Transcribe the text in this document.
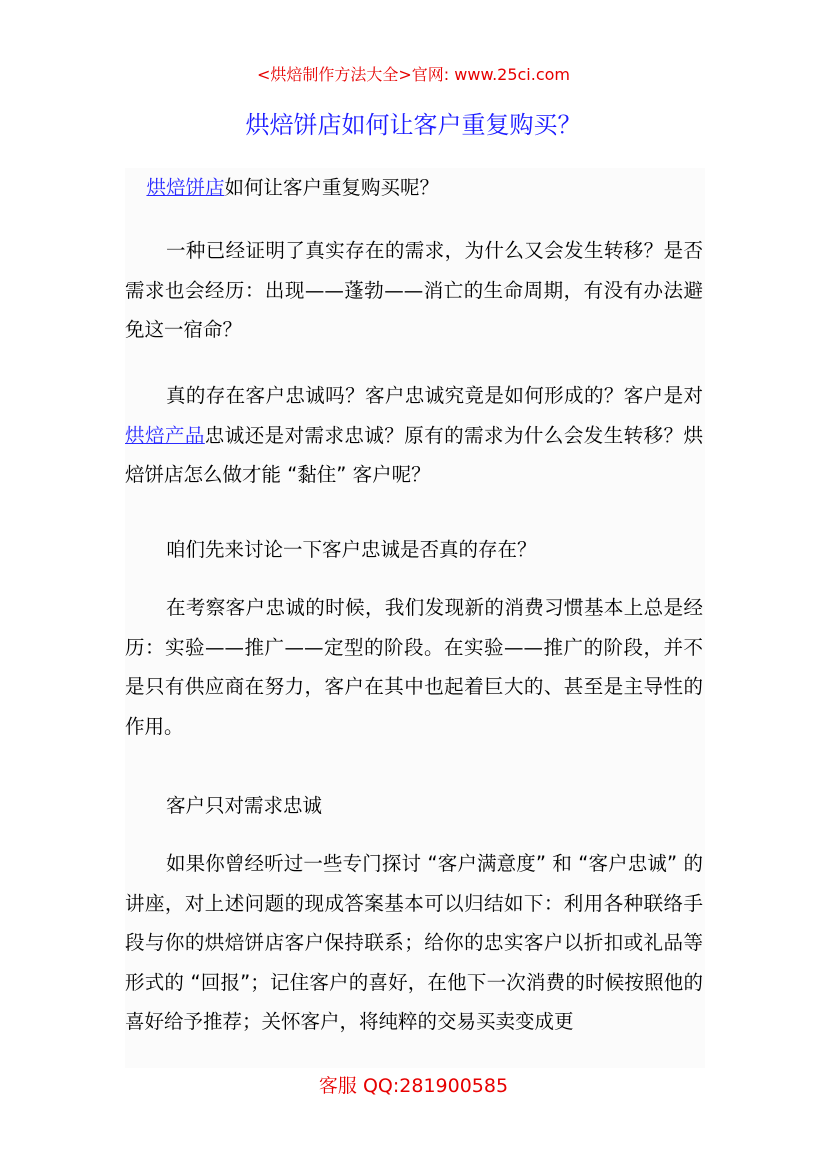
<烘焙制作方法大全>官网: www.25ci.com
烘焙饼店如何让客户重复购买？

烘焙饼店如何让客户重复购买呢？

一种已经证明了真实存在的需求，为什么又会发生转移？是否需求也会经历：出现——蓬勃——消亡的生命周期，有没有办法避免这一宿命？

真的存在客户忠诚吗？客户忠诚究竟是如何形成的？客户是对烘焙产品忠诚还是对需求忠诚？原有的需求为什么会发生转移？烘焙饼店怎么做才能 “黏住” 客户呢？

咱们先来讨论一下客户忠诚是否真的存在？

在考察客户忠诚的时候，我们发现新的消费习惯基本上总是经历：实验——推广——定型的阶段。在实验——推广的阶段，并不是只有供应商在努力，客户在其中也起着巨大的、甚至是主导性的作用。

客户只对需求忠诚

如果你曾经听过一些专门探讨 “客户满意度” 和 “客户忠诚” 的讲座，对上述问题的现成答案基本可以归结如下：利用各种联络手段与你的烘焙饼店客户保持联系；给你的忠实客户以折扣或礼品等形式的 “回报”；记住客户的喜好，在他下一次消费的时候按照他的喜好给予推荐；关怀客户，将纯粹的交易买卖变成更

客服 QQ:281900585
